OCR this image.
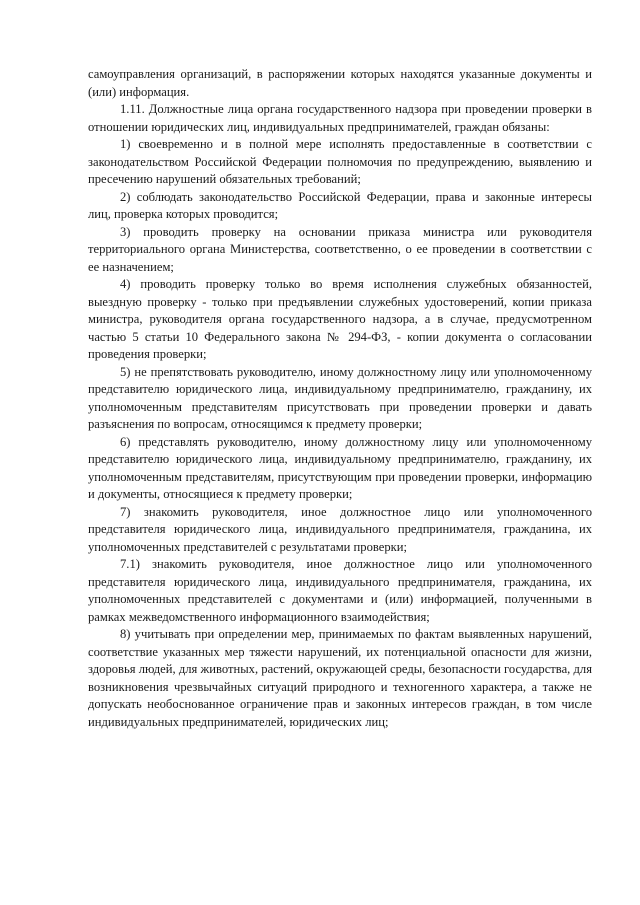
самоуправления организаций, в распоряжении которых находятся указанные документы и (или) информация.

1.11. Должностные лица органа государственного надзора при проведении проверки в отношении юридических лиц, индивидуальных предпринимателей, граждан обязаны:

1) своевременно и в полной мере исполнять предоставленные в соответствии с законодательством Российской Федерации полномочия по предупреждению, выявлению и пресечению нарушений обязательных требований;

2) соблюдать законодательство Российской Федерации, права и законные интересы лиц, проверка которых проводится;

3) проводить проверку на основании приказа министра или руководителя территориального органа Министерства, соответственно, о ее проведении в соответствии с ее назначением;

4) проводить проверку только во время исполнения служебных обязанностей, выездную проверку - только при предъявлении служебных удостоверений, копии приказа министра, руководителя органа государственного надзора, а в случае, предусмотренном частью 5 статьи 10 Федерального закона № 294-ФЗ, - копии документа о согласовании проведения проверки;

5) не препятствовать руководителю, иному должностному лицу или уполномоченному представителю юридического лица, индивидуальному предпринимателю, гражданину, их уполномоченным представителям присутствовать при проведении проверки и давать разъяснения по вопросам, относящимся к предмету проверки;

6) представлять руководителю, иному должностному лицу или уполномоченному представителю юридического лица, индивидуальному предпринимателю, гражданину, их уполномоченным представителям, присутствующим при проведении проверки, информацию и документы, относящиеся к предмету проверки;

7) знакомить руководителя, иное должностное лицо или уполномоченного представителя юридического лица, индивидуального предпринимателя, гражданина, их уполномоченных представителей с результатами проверки;

7.1) знакомить руководителя, иное должностное лицо или уполномоченного представителя юридического лица, индивидуального предпринимателя, гражданина, их уполномоченных представителей с документами и (или) информацией, полученными в рамках межведомственного информационного взаимодействия;

8) учитывать при определении мер, принимаемых по фактам выявленных нарушений, соответствие указанных мер тяжести нарушений, их потенциальной опасности для жизни, здоровья людей, для животных, растений, окружающей среды, безопасности государства, для возникновения чрезвычайных ситуаций природного и техногенного характера, а также не допускать необоснованное ограничение прав и законных интересов граждан, в том числе индивидуальных предпринимателей, юридических лиц;
